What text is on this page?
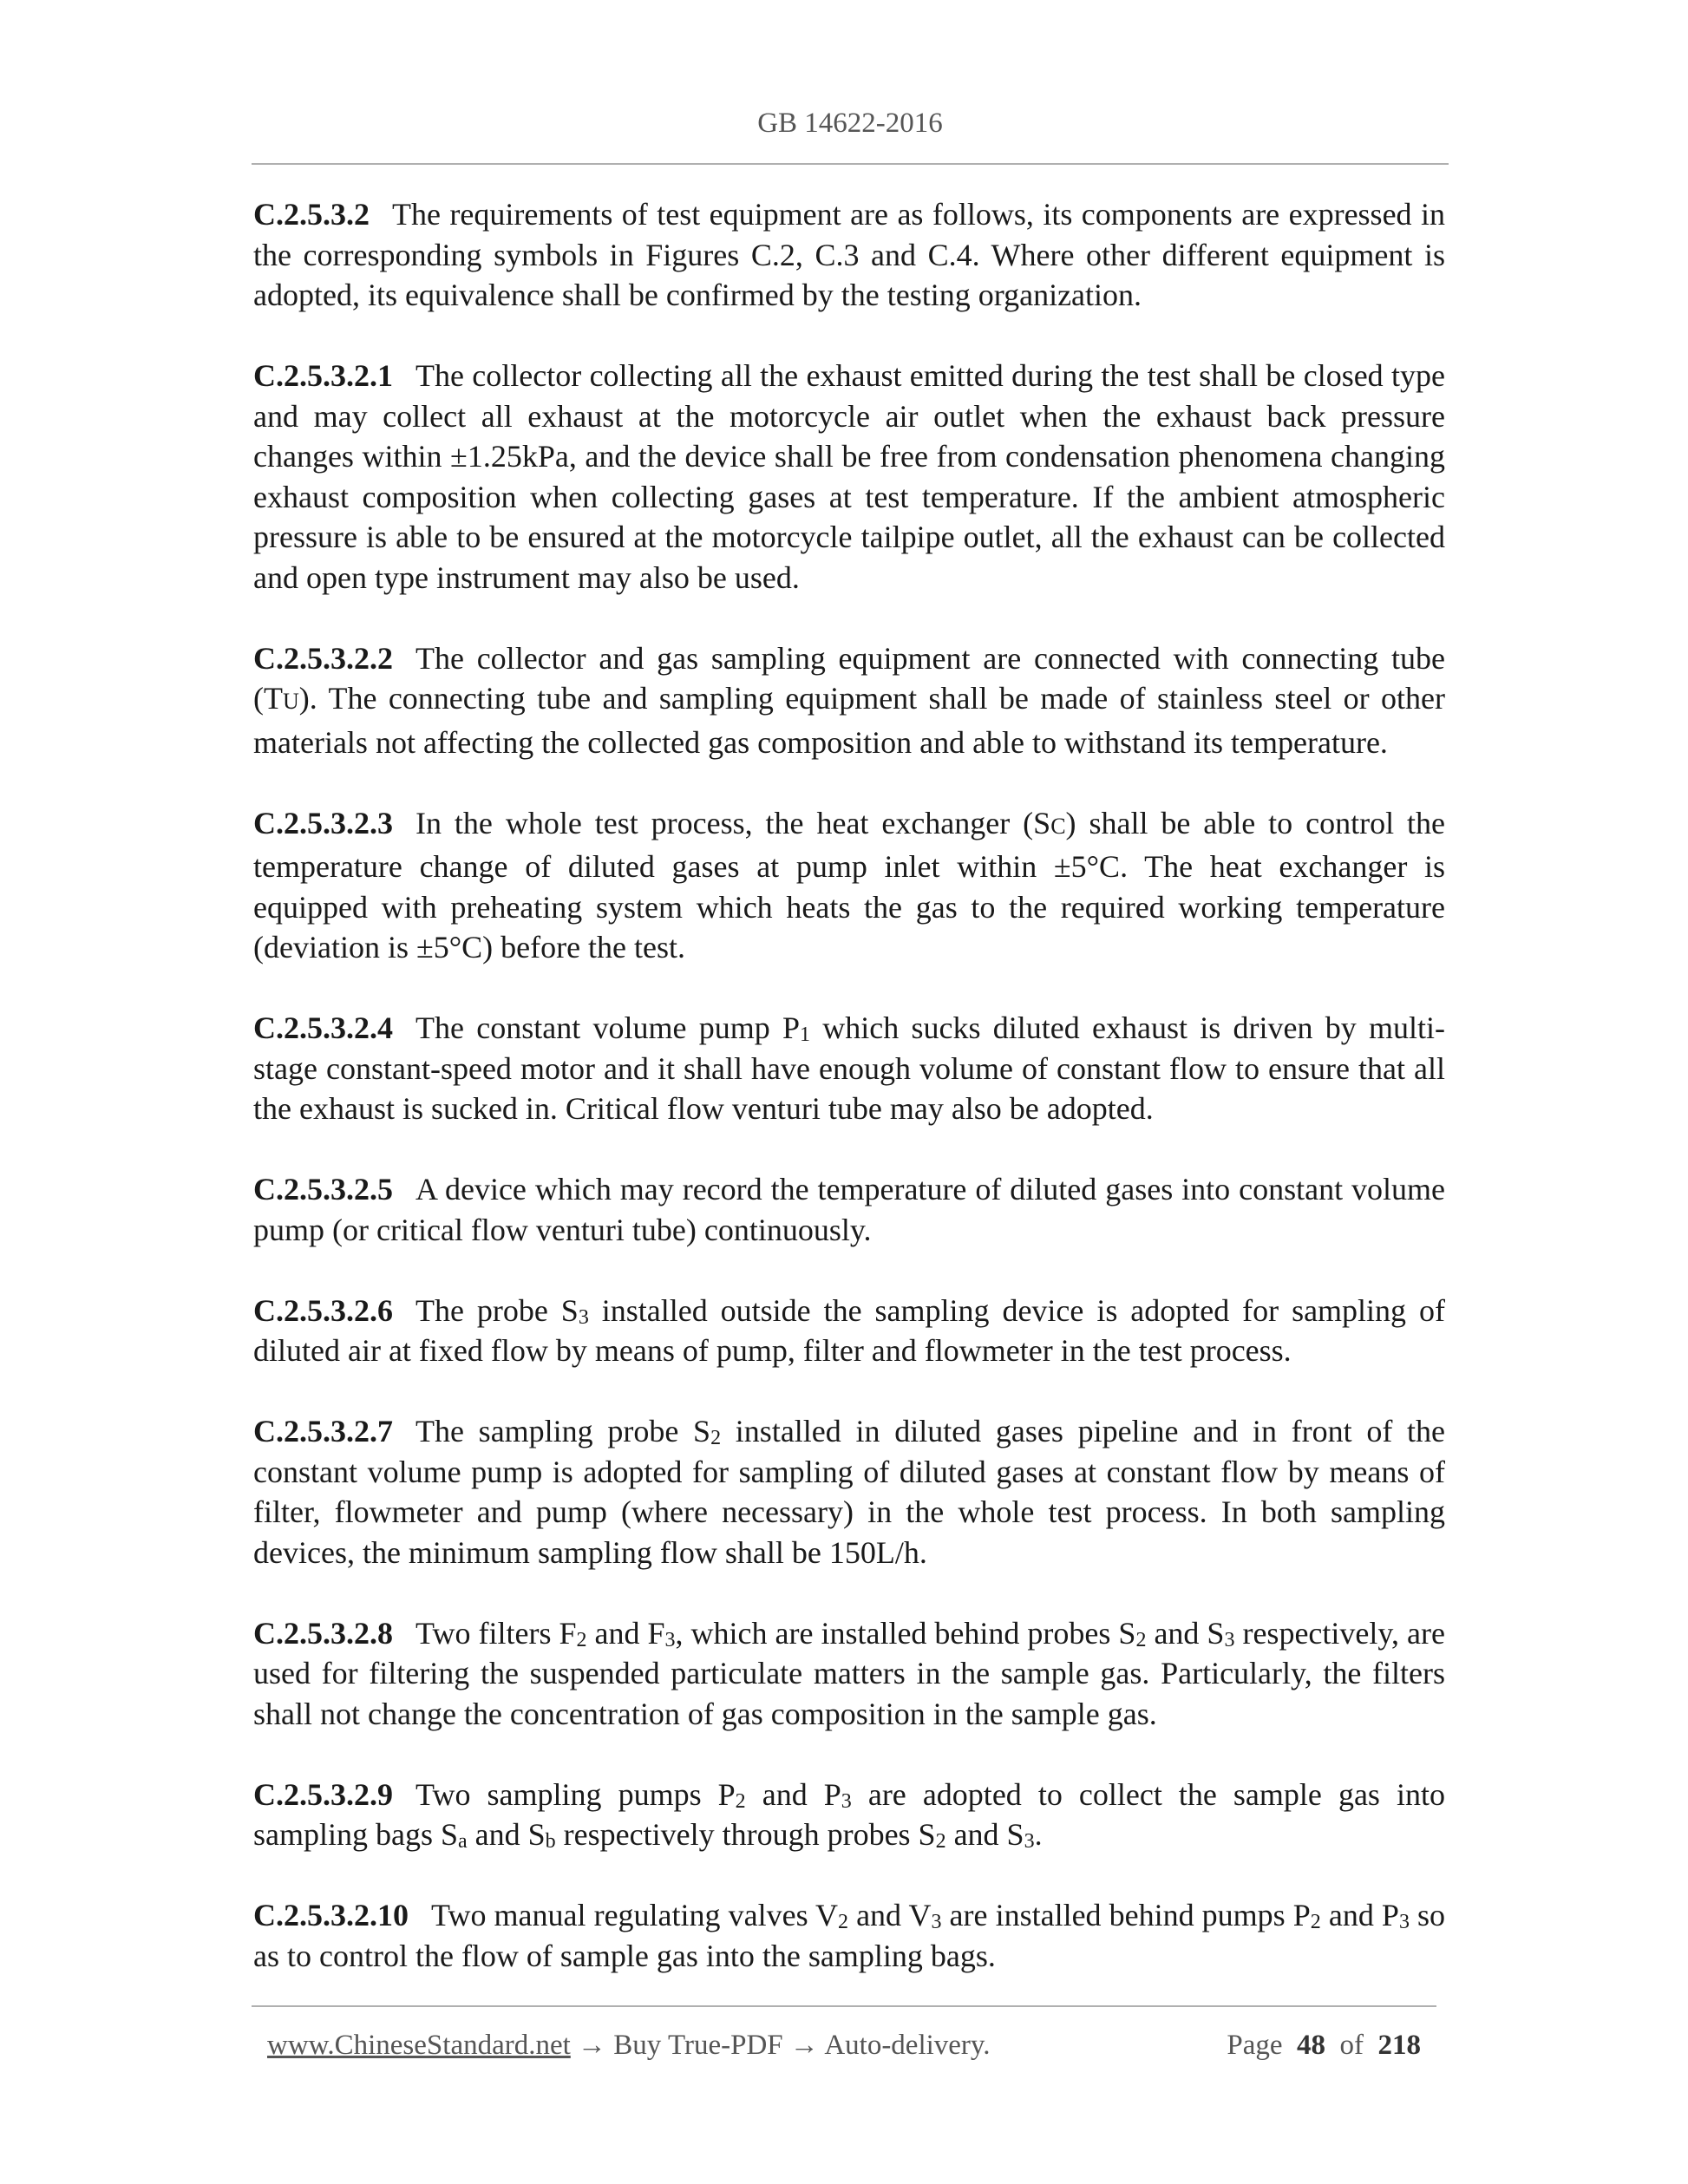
GB 14622-2016

C.2.5.3.2 The requirements of test equipment are as follows, its components are expressed in the corresponding symbols in Figures C.2, C.3 and C.4. Where other different equipment is adopted, its equivalence shall be confirmed by the testing organization.

C.2.5.3.2.1 The collector collecting all the exhaust emitted during the test shall be closed type and may collect all exhaust at the motorcycle air outlet when the exhaust back pressure changes within ±1.25kPa, and the device shall be free from condensation phenomena changing exhaust composition when collecting gases at test temperature. If the ambient atmospheric pressure is able to be ensured at the motorcycle tailpipe outlet, all the exhaust can be collected and open type instrument may also be used.

C.2.5.3.2.2 The collector and gas sampling equipment are connected with connecting tube (TU). The connecting tube and sampling equipment shall be made of stainless steel or other materials not affecting the collected gas composition and able to withstand its temperature.

C.2.5.3.2.3 In the whole test process, the heat exchanger (SC) shall be able to control the temperature change of diluted gases at pump inlet within ±5°C. The heat exchanger is equipped with preheating system which heats the gas to the required working temperature (deviation is ±5°C) before the test.

C.2.5.3.2.4 The constant volume pump $P_1$ which sucks diluted exhaust is driven by multi-stage constant-speed motor and it shall have enough volume of constant flow to ensure that all the exhaust is sucked in. Critical flow venturi tube may also be adopted.

C.2.5.3.2.5 A device which may record the temperature of diluted gases into constant volume pump (or critical flow venturi tube) continuously.

C.2.5.3.2.6 The probe $S_3$ installed outside the sampling device is adopted for sampling of diluted air at fixed flow by means of pump, filter and flowmeter in the test process.

C.2.5.3.2.7 The sampling probe $S_2$ installed in diluted gases pipeline and in front of the constant volume pump is adopted for sampling of diluted gases at constant flow by means of filter, flowmeter and pump (where necessary) in the whole test process. In both sampling devices, the minimum sampling flow shall be 150L/h.

C.2.5.3.2.8 Two filters $F_2$ and $F_3$, which are installed behind probes $S_2$ and $S_3$ respectively, are used for filtering the suspended particulate matters in the sample gas. Particularly, the filters shall not change the concentration of gas composition in the sample gas.

C.2.5.3.2.9 Two sampling pumps $P_2$ and $P_3$ are adopted to collect the sample gas into sampling bags $S_a$ and $S_b$ respectively through probes $S_2$ and $S_3$.

C.2.5.3.2.10 Two manual regulating valves $V_2$ and $V_3$ are installed behind pumps $P_2$ and $P_3$ so as to control the flow of sample gas into the sampling bags.

www.ChineseStandard.net → Buy True-PDF → Auto-delivery.	Page 48 of 218
